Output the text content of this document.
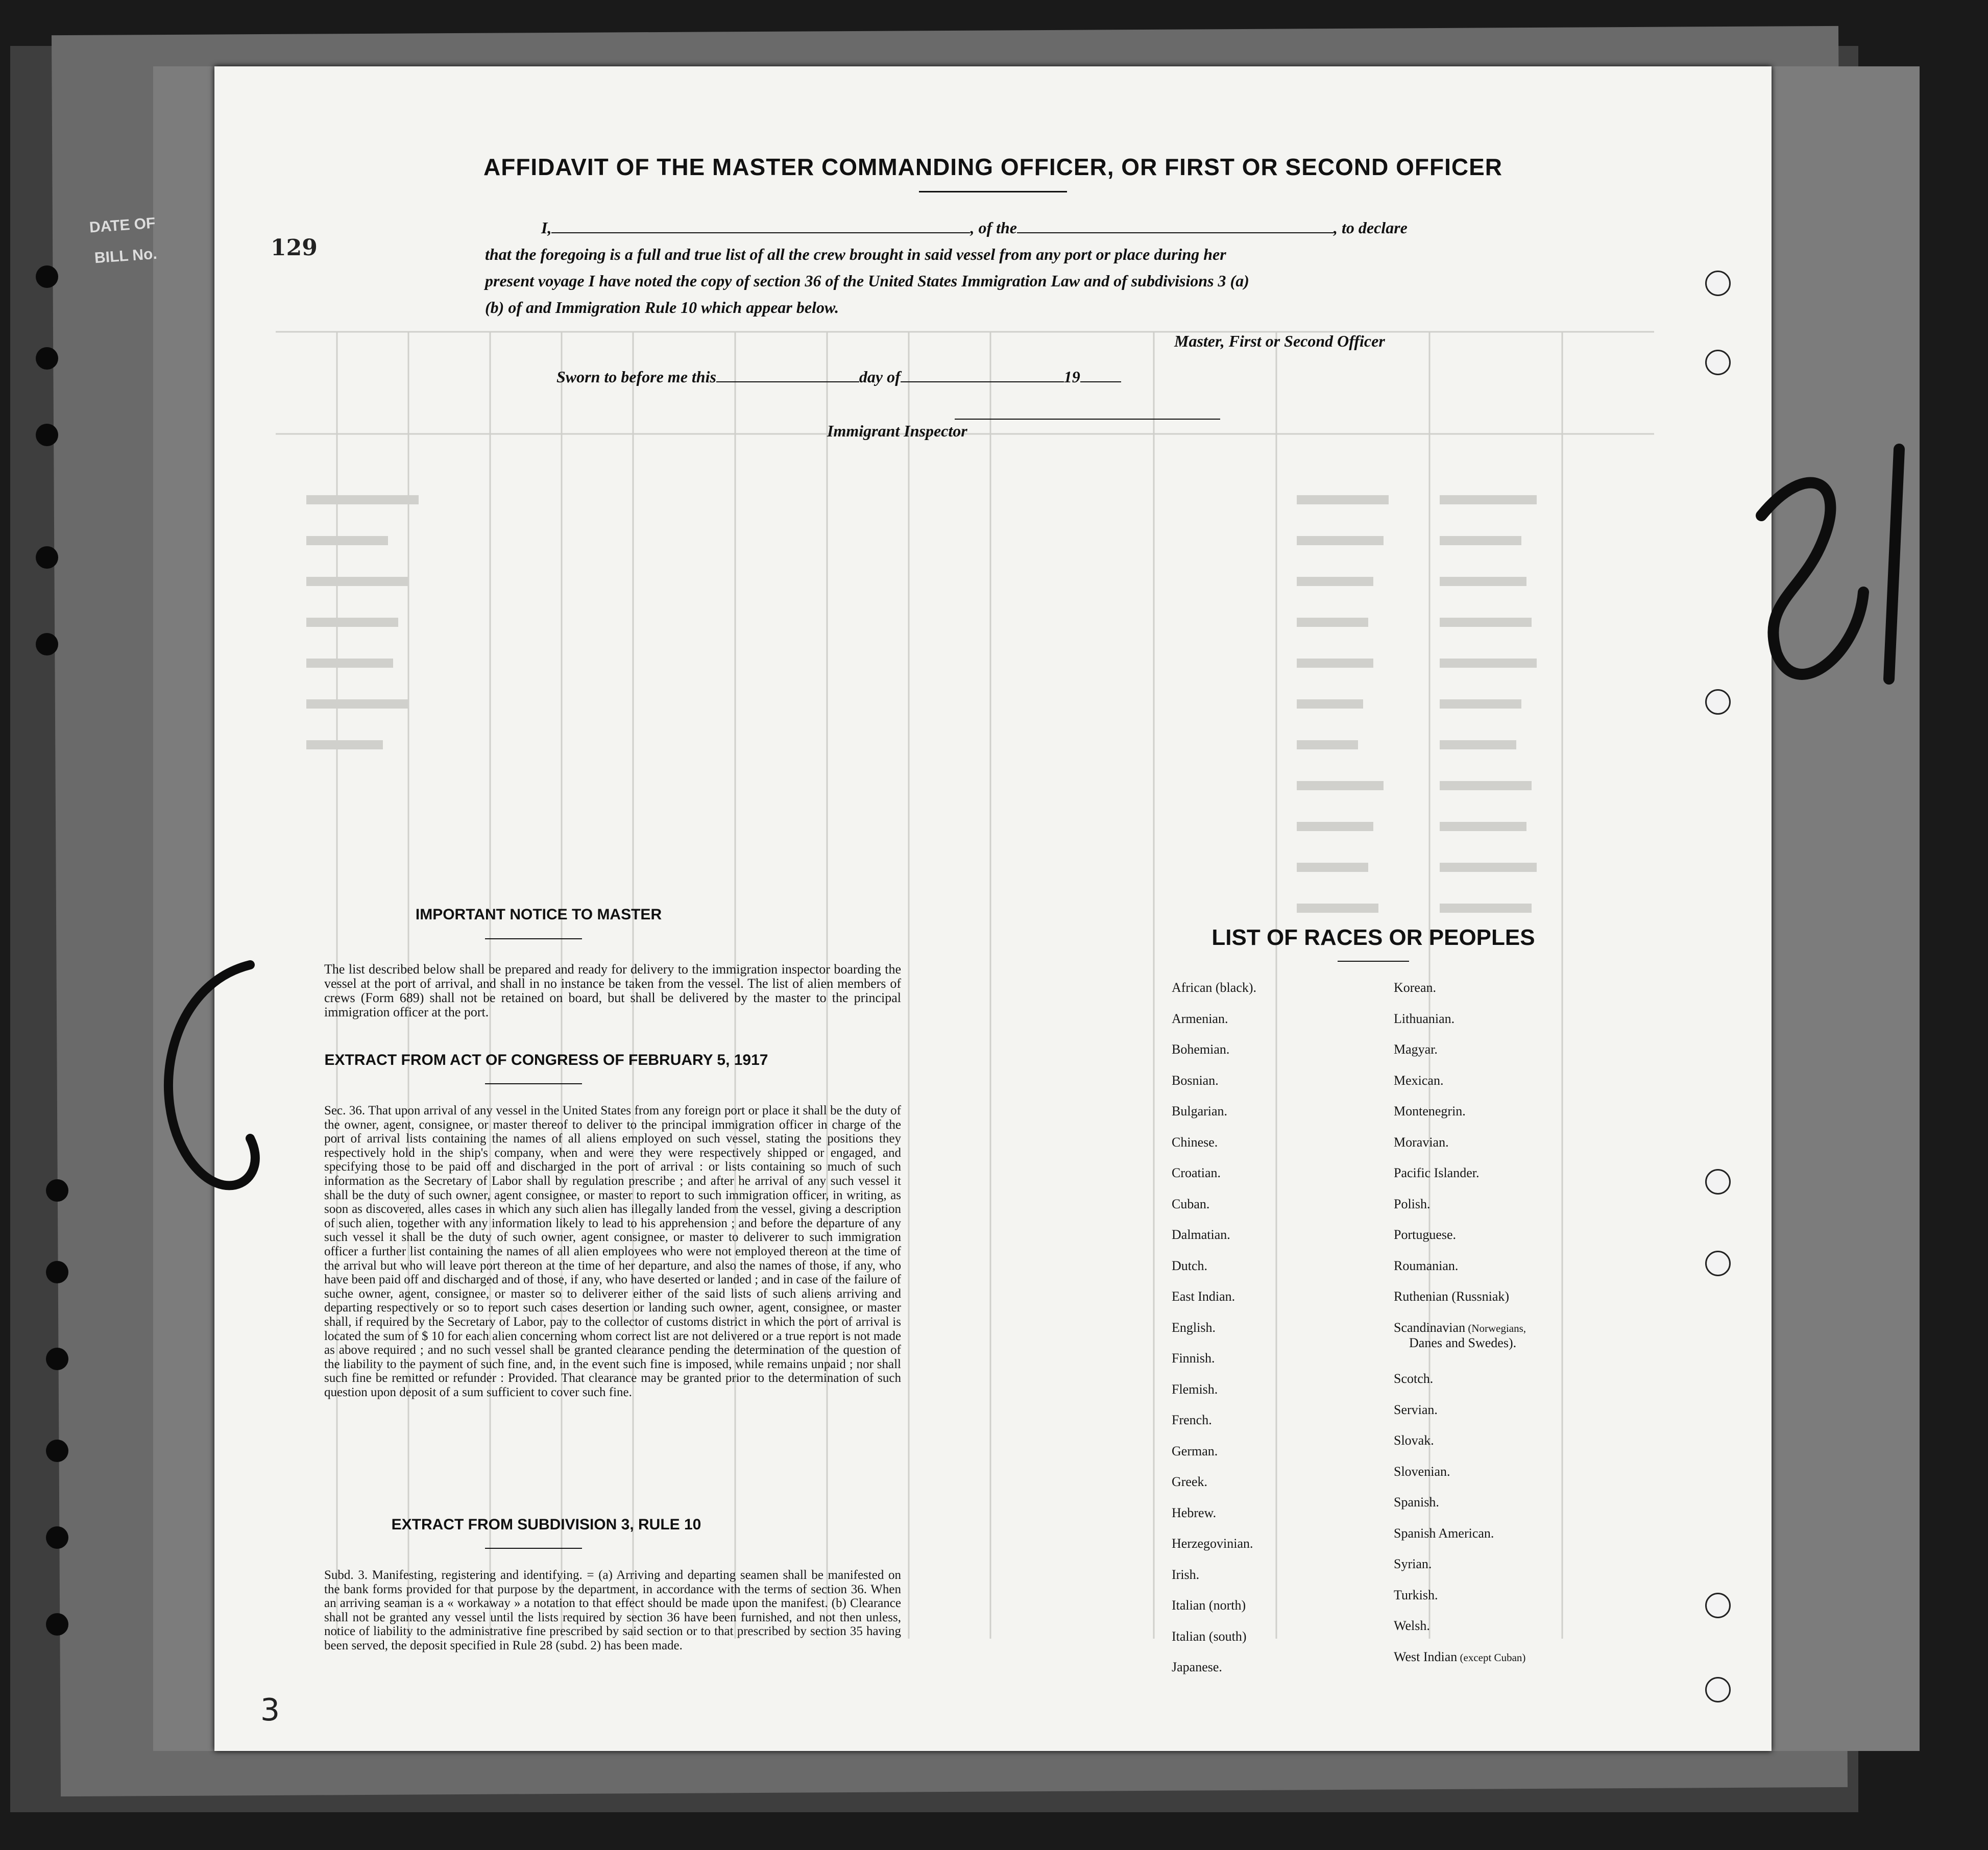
DATE OF
BILL No.
AFFIDAVIT OF THE MASTER COMMANDING OFFICER, OR FIRST OR SECOND OFFICER
I,	, of the	, to declare
that the foregoing is a full and true list of all the crew brought in said vessel from any port or place during her
present voyage I have noted the copy of section 36 of the United States Immigration Law and of subdivisions 3 (a)
(b) of and Immigration Rule 10 which appear below.
Master, First or Second Officer
Sworn to before me this	day of	19
Immigrant Inspector
129
IMPORTANT NOTICE TO MASTER
The list described below shall be prepared and ready for delivery to the immigration inspector boarding the vessel at the port of arrival, and shall in no instance be taken from the vessel. The list of alien members of crews (Form 689) shall not be retained on board, but shall be delivered by the master to the principal immigration officer at the port.
EXTRACT FROM ACT OF CONGRESS OF FEBRUARY 5, 1917
Sec. 36. That upon arrival of any vessel in the United States from any foreign port or place it shall be the duty of the owner, agent, consignee, or master thereof to deliver to the principal immigration officer in charge of the port of arrival lists containing the names of all aliens employed on such vessel, stating the positions they respectively hold in the ship's company, when and were they were respectively shipped or engaged, and specifying those to be paid off and discharged in the port of arrival : or lists containing so much of such information as the Secretary of Labor shall by regulation prescribe ; and after he arrival of any such vessel it shall be the duty of such owner, agent consignee, or master to report to such immigration officer, in writing, as soon as discovered, alles cases in which any such alien has illegally landed from the vessel, giving a description of such alien, together with any information likely to lead to his apprehension ; and before the departure of any such vessel it shall be the duty of such owner, agent consignee, or master to deliverer to such immigration officer a further list containing the names of all alien employees who were not employed thereon at the time of the arrival but who will leave port thereon at the time of her departure, and also the names of those, if any, who have been paid off and discharged and of those, if any, who have deserted or landed ; and in case of the failure of suche owner, agent, consignee, or master so to deliverer either of the said lists of such aliens arriving and departing respectively or so to report such cases desertion or landing such owner, agent, consignee, or master shall, if required by the Secretary of Labor, pay to the collector of customs district in which the port of arrival is located the sum of $ 10 for each alien concerning whom correct list are not delivered or a true report is not made as above required ; and no such vessel shall be granted clearance pending the determination of the question of the liability to the payment of such fine, and, in the event such fine is imposed, while remains unpaid ; nor shall such fine be remitted or refunder : Provided. That clearance may be granted prior to the determination of such question upon deposit of a sum sufficient to cover such fine.
EXTRACT FROM SUBDIVISION 3, RULE 10
Subd. 3. Manifesting, registering and identifying. = (a) Arriving and departing seamen shall be manifested on the bank forms provided for that purpose by the department, in accordance with the terms of section 36. When an arriving seaman is a « workaway » a notation to that effect should be made upon the manifest. (b) Clearance shall not be granted any vessel until the lists required by section 36 have been furnished, and not then unless, notice of liability to the administrative fine prescribed by said section or to that prescribed by section 35 having been served, the deposit specified in Rule 28 (subd. 2) has been made.
LIST OF RACES OR PEOPLES
3
African (black).
Armenian.
Bohemian.
Bosnian.
Bulgarian.
Chinese.
Croatian.
Cuban.
Dalmatian.
Dutch.
East Indian.
English.
Finnish.
Flemish.
French.
German.
Greek.
Hebrew.
Herzegovinian.
Irish.
Italian (north)
Italian (south)
Japanese.
Korean.
Lithuanian.
Magyar.
Mexican.
Montenegrin.
Moravian.
Pacific Islander.
Polish.
Portuguese.
Roumanian.
Ruthenian (Russniak)
Danes and Swedes).
Scandinavian (Norwegians,
Scotch.
Servian.
Slovak.
Slovenian.
Spanish.
Spanish American.
Syrian.
Turkish.
Welsh.
West Indian (except Cuban)
